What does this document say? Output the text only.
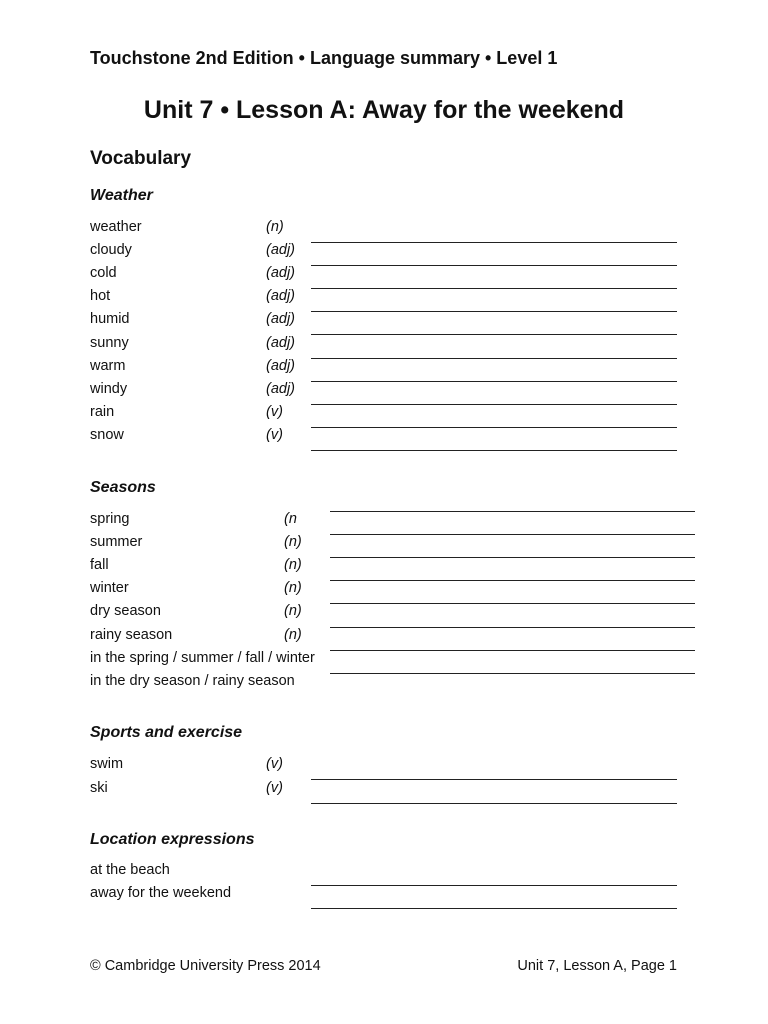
Touchstone 2nd Edition • Language summary • Level 1
Unit 7 • Lesson A: Away for the weekend
Vocabulary
Weather
weather	(n)
cloudy	(adj)
cold	(adj)
hot	(adj)
humid	(adj)
sunny	(adj)
warm	(adj)
windy	(adj)
rain	(v)
snow	(v)
Seasons
spring	(n
summer	(n)
fall	(n)
winter	(n)
dry season	(n)
rainy season	(n)
in the spring / summer / fall / winter
in the dry season / rainy season
Sports and exercise
swim	(v)
ski	(v)
Location expressions
at the beach
away for the weekend
© Cambridge University Press 2014	Unit 7, Lesson A, Page 1
